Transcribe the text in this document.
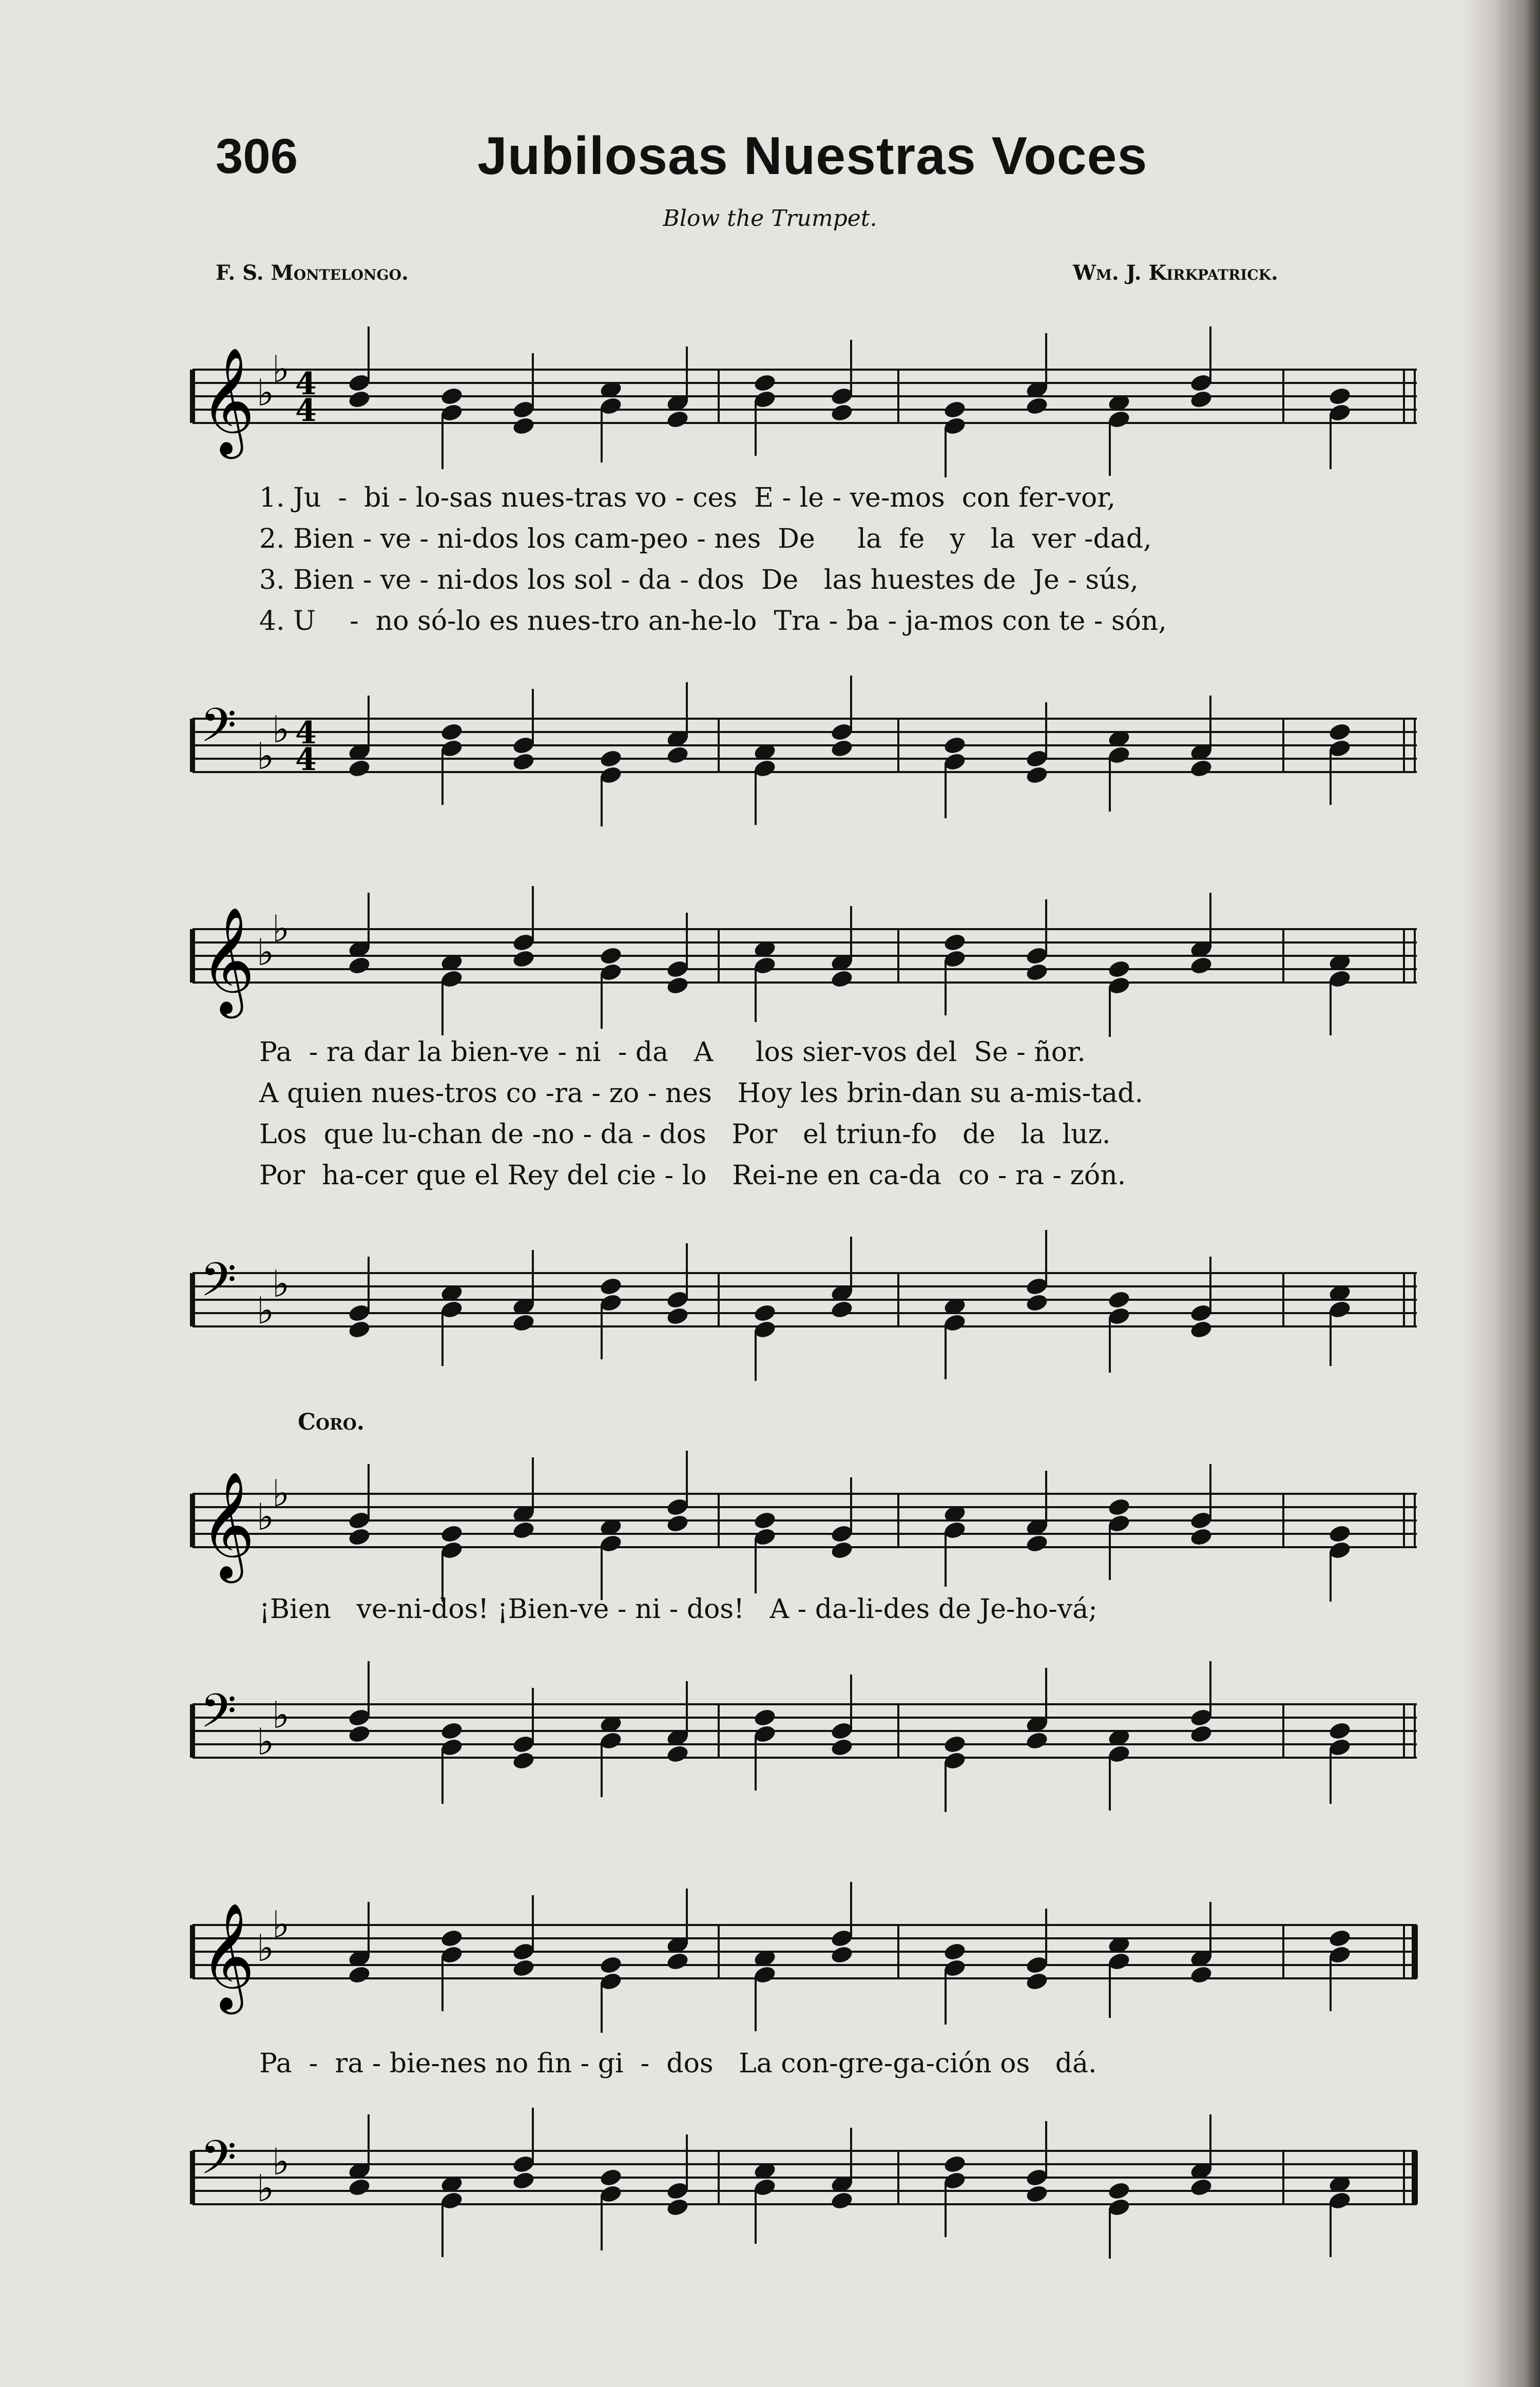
306	Jubilosas Nuestras Voces
Blow the Trumpet.
F. S. Montelongo.	Wm. J. Kirkpatrick.
𝄞 ♭
♭ 4
4
1. Ju  -  bi - lo-sas nues-tras vo - ces  E - le - ve-mos  con fer-vor,
2. Bien - ve - ni-dos los cam-peo - nes  De     la  fe   y   la  ver -dad,
3. Bien - ve - ni-dos los sol - da - dos  De   las huestes de  Je - sús,
4. U    -  no só-lo es nues-tro an-he-lo  Tra - ba - ja-mos con te - són,
𝄢 ♭
♭ 4
4
𝄞 ♭
♭
Pa  - ra dar la bien-ve - ni  - da   A     los sier-vos del  Se - ñor.
A quien nues-tros co -ra - zo - nes   Hoy les brin-dan su a-mis-tad.
Los  que lu-chan de -no - da - dos   Por   el triun-fo   de   la  luz.
Por  ha-cer que el Rey del cie - lo   Rei-ne en ca-da  co - ra - zón.
𝄢 ♭
♭
Coro.
𝄞 ♭
♭
¡Bien   ve-ni-dos! ¡Bien-ve - ni - dos!   A - da-li-des de Je-ho-vá;
𝄢 ♭
♭
𝄞 ♭
♭
Pa  -  ra - bie-nes no fin - gi  -  dos   La con-gre-ga-ción os   dá.
𝄢 ♭
♭
